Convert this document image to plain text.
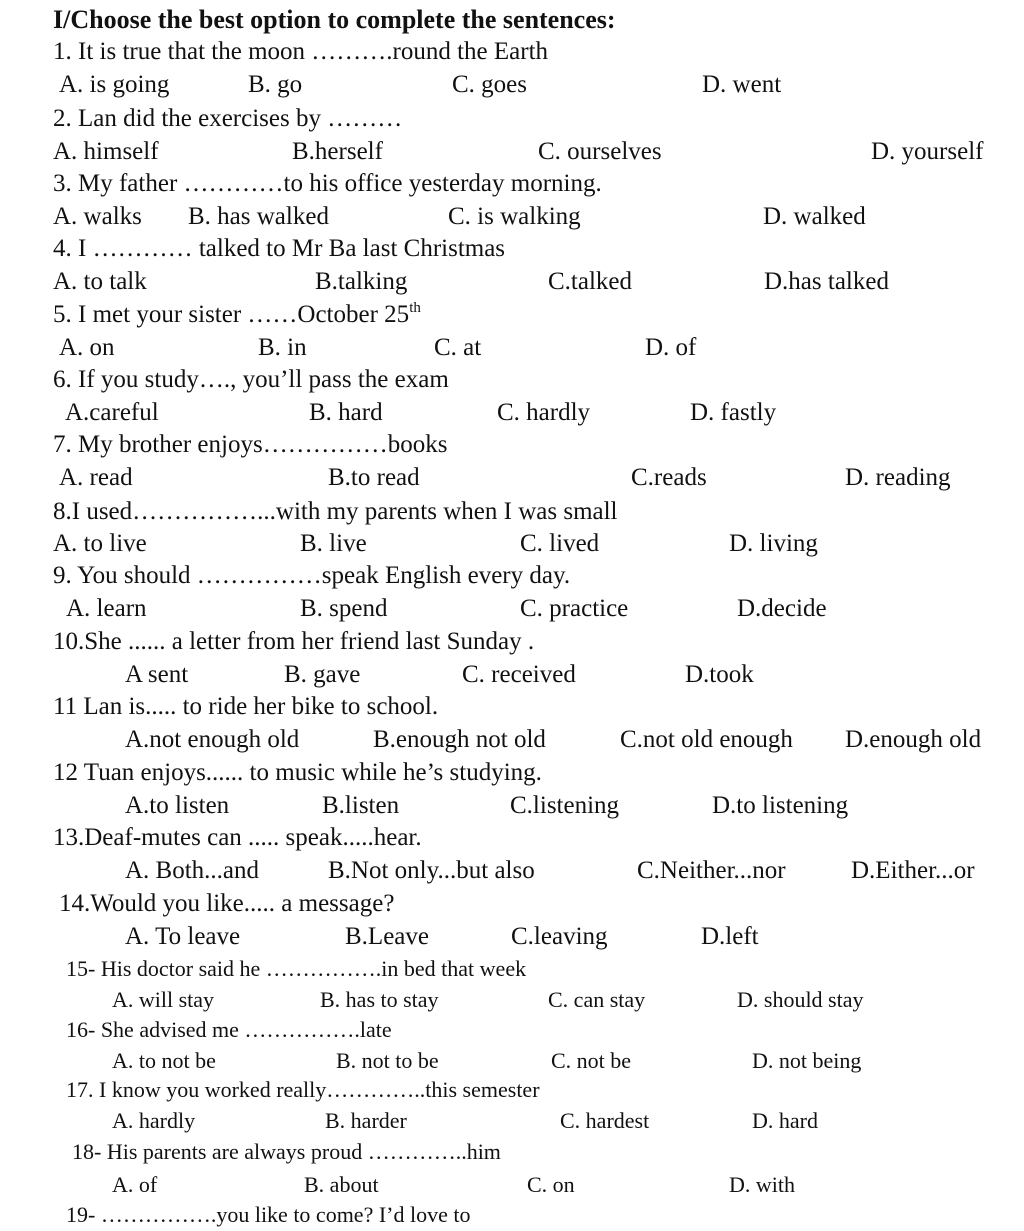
I/Choose the best option to complete the sentences:
1. It is true that the moon ……….round the Earth
A. is going	B. go	C. goes	D. went
2. Lan did the exercises by ………
A. himself	B.herself	C. ourselves	D. yourself
3. My father …………to his office yesterday morning.
A. walks B. has walked	C. is walking	D. walked
4. I ………… talked to Mr Ba last Christmas
A. to talk	B.talking	C.talked	D.has talked
5. I met your sister ……October 25th
A. on	B. in	C. at	D. of
6. If you study…., you’ll pass the exam
A.careful	B. hard	C. hardly	D. fastly
7. My brother enjoys……………books
A. read	B.to read	C.reads	D. reading
8.I used……………...with my parents when I was small
A. to live	B. live	C. lived	D. living
9. You should ……………speak English every day.
A. learn	B. spend	C. practice	D.decide
10.She ...... a letter from her friend last Sunday .
A sent	B. gave	C. received	D.took
11 Lan is..... to ride her bike to school.
A.not enough old	B.enough not old	C.not old enough D.enough old
12 Tuan enjoys...... to music while he’s studying.
A.to listen	B.listen	C.listening	D.to listening
13.Deaf-mutes can ..... speak.....hear.
A. Both...and	B.Not only...but also	C.Neither...nor	D.Either...or
14.Would you like..... a message?
A. To leave	B.Leave	C.leaving	D.left
15- His doctor said he …………….in bed that week
A. will stay	B. has to stay	C. can stay	D. should stay
16- She advised me …………….late
A. to not be	B. not to be	C. not be	D. not being
17. I know you worked really…………..this semester
A. hardly	B. harder	C. hardest	D. hard
18- His parents are always proud …………..him
A. of	B. about	C. on	D. with
19- …………….you like to come? I’d love to
